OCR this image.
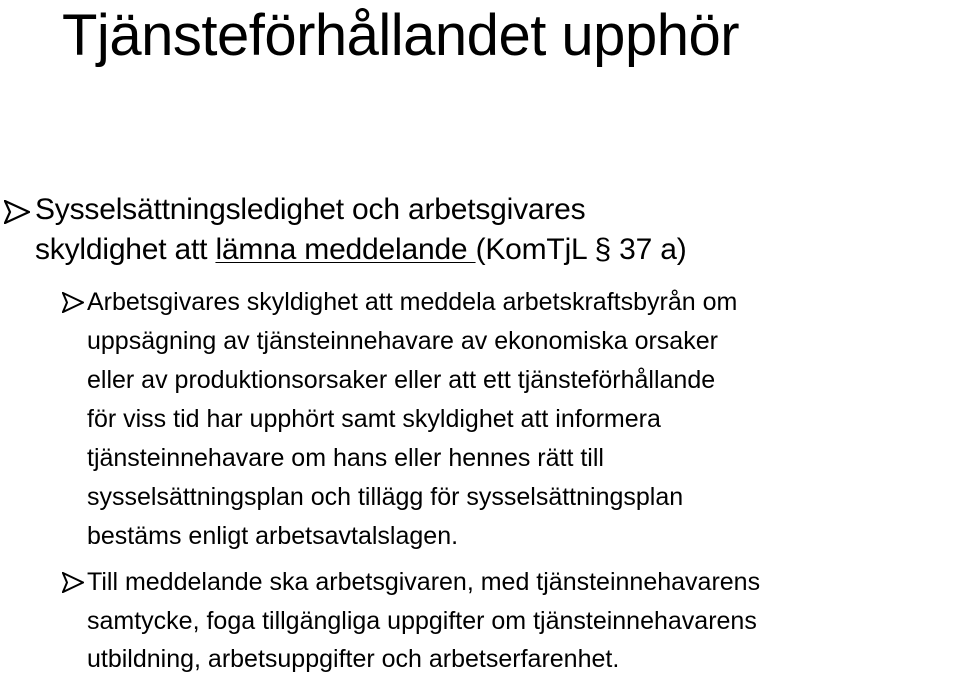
Tjänsteförhållandet upphör
Sysselsättningsledighet och arbetsgivares
skyldighet att lämna meddelande (KomTjL § 37 a)
Arbetsgivares skyldighet att meddela arbetskraftsbyrån om
uppsägning av tjänsteinnehavare av ekonomiska orsaker
eller av produktionsorsaker eller att ett tjänsteförhållande
för viss tid har upphört samt skyldighet att informera
tjänsteinnehavare om hans eller hennes rätt till
sysselsättningsplan och tillägg för sysselsättningsplan
bestäms enligt arbetsavtalslagen.
Till meddelande ska arbetsgivaren, med tjänsteinnehavarens
samtycke, foga tillgängliga uppgifter om tjänsteinnehavarens
utbildning, arbetsuppgifter och arbetserfarenhet.
